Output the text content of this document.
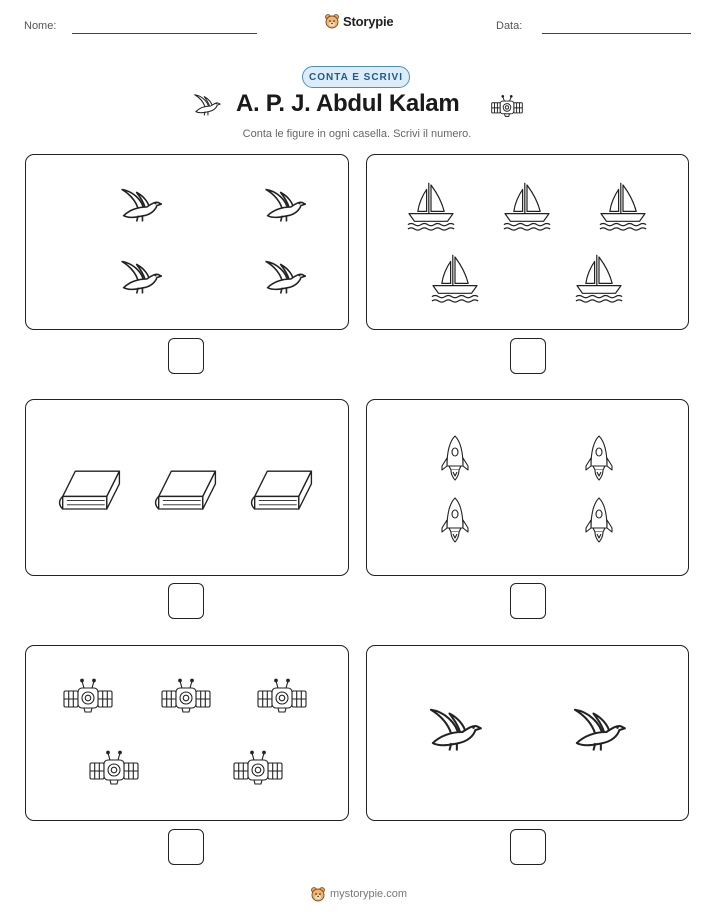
Nome:	Data:
Storypie
CONTA E SCRIVI
A. P. J. Abdul Kalam
Conta le figure in ogni casella. Scrivi il numero.
mystorypie.com
